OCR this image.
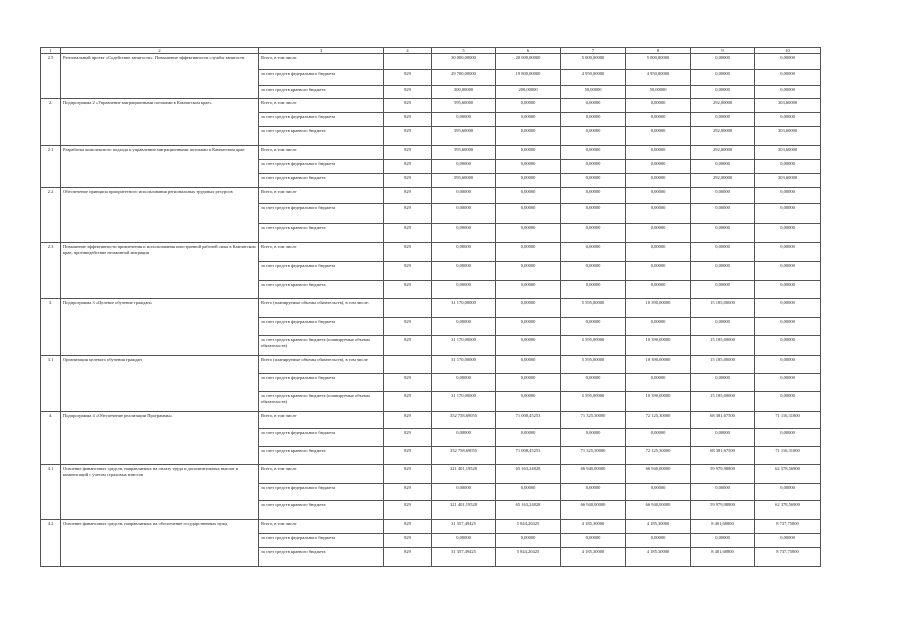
1	2	3	4	5	6	7	8	9	10
2.5	Региональный проект «Содействие занятости». Повышение эффективности службы занятости	Всего, в том числе		30 000,00000	20 000,00000	5 000,00000	5 000,00000	0,00000	0,00000
		за счет средств федерального бюджета	829	29 700,00000	19 800,00000	4 950,00000	4 950,00000	0,00000	0,00000
		за счет средств краевого бюджета	829	300,00000	200,00000	50,00000	50,00000	0,00000	0,00000
2.	Подпрограмма 2 «Управление миграционными потоками в Камчатском крае»	Всего, в том числе	829	595,60000	0,00000	0,00000	0,00000	292,00000	303,60000
		за счет средств федерального бюджета	829	0,00000	0,00000	0,00000	0,00000	0,00000	0,00000
		за счет средств краевого бюджета	829	595,60000	0,00000	0,00000	0,00000	292,00000	303,60000
2.1	Разработка комплексного подхода к управлению миграционными потоками в Камчатском крае	Всего, в том числе	829	595,60000	0,00000	0,00000	0,00000	292,00000	303,60000
		за счет средств федерального бюджета	829	0,00000	0,00000	0,00000	0,00000	0,00000	0,00000
		за счет средств краевого бюджета	829	595,60000	0,00000	0,00000	0,00000	292,00000	303,60000
2.2	Обеспечение принципа приоритетного использования региональных трудовых ресурсов	Всего, в том числе	829	0,00000	0,00000	0,00000	0,00000	0,00000	0,00000
		за счет средств федерального бюджета	829	0,00000	0,00000	0,00000	0,00000	0,00000	0,00000
		за счет средств краевого бюджета	829	0,00000	0,00000	0,00000	0,00000	0,00000	0,00000
2.3	Повышение эффективности привлечения и использования иностранной рабочей силы в Камчатском крае, противодействие незаконной миграции	Всего, в том числе	829	0,00000	0,00000	0,00000	0,00000	0,00000	0,00000
		за счет средств федерального бюджета	829	0,00000	0,00000	0,00000	0,00000	0,00000	0,00000
		за счет средств краевого бюджета	829	0,00000	0,00000	0,00000	0,00000	0,00000	0,00000
3.	Подпрограмма 3 «Целевое обучение граждан»	Всего (планируемые объемы обязательств), в том числе:		31 170,00000	0,00000	5 595,00000	10 390,00000	15 185,00000	0,00000
		за счет средств федерального бюджета	829	0,00000	0,00000	0,00000	0,00000	0,00000	0,00000
		за счет средств краевого бюджета (планируемые объемы обязательств)	829	31 170,00000	0,00000	5 595,00000	10 390,00000	15 185,00000	0,00000
3.1	Организация целевого обучения граждан	Всего (планируемые объемы обязательств), в том числе		31 170,00000	0,00000	5 595,00000	10 390,00000	15 185,00000	0,00000
		за счет средств федерального бюджета	829	0,00000	0,00000	0,00000	0,00000	0,00000	0,00000
		за счет средств краевого бюджета (планируемые объемы обязательств)	829	31 170,00000	0,00000	5 595,00000	10 390,00000	15 185,00000	0,00000
4.	Подпрограмма 4 «Обеспечение реализации Программы»	Всего, в том числе	829	352 758,69055	71 008,45253	71 325,30000	72 125,30000	68 381,67500	71 116,31000
		за счет средств федерального бюджета	829	0,00000	0,00000	0,00000	0,00000	0,00000	0,00000
		за счет средств краевого бюджета	829	352 758,69055	71 008,45253	71 325,30000	72 125,30000	68 381,67500	71 116,31000
4.1	Освоение финансовых средств, направляемых на оплату труда и дополнительных выплат и компенсаций с учетом страховых взносов	Всего, в том числе	829	321 401,19528	65 163,24828	66 940,00000	66 940,00000	59 979,98800	62 378,56900
		за счет средств федерального бюджета	829	0,00000	0,00000	0,00000	0,00000	0,00000	0,00000
		за счет средств краевого бюджета	829	321 401,19528	65 163,24828	66 940,00000	66 940,00000	59 979,98800	62 378,56900
4.2	Освоение финансовых средств, направляемых на обеспечение государственных нужд	Всего, в том числе	829	31 357,49425	5 844,20425	4 185,30000	4 185,30000	8 401,68800	8 737,75800
		за счет средств федерального бюджета	829	0,00000	0,00000	0,00000	0,00000	0,00000	0,00000
		за счет средств краевого бюджета	829	31 357,49425	5 844,20425	4 185,30000	4 185,30000	8 401,68800	8 737,75800
